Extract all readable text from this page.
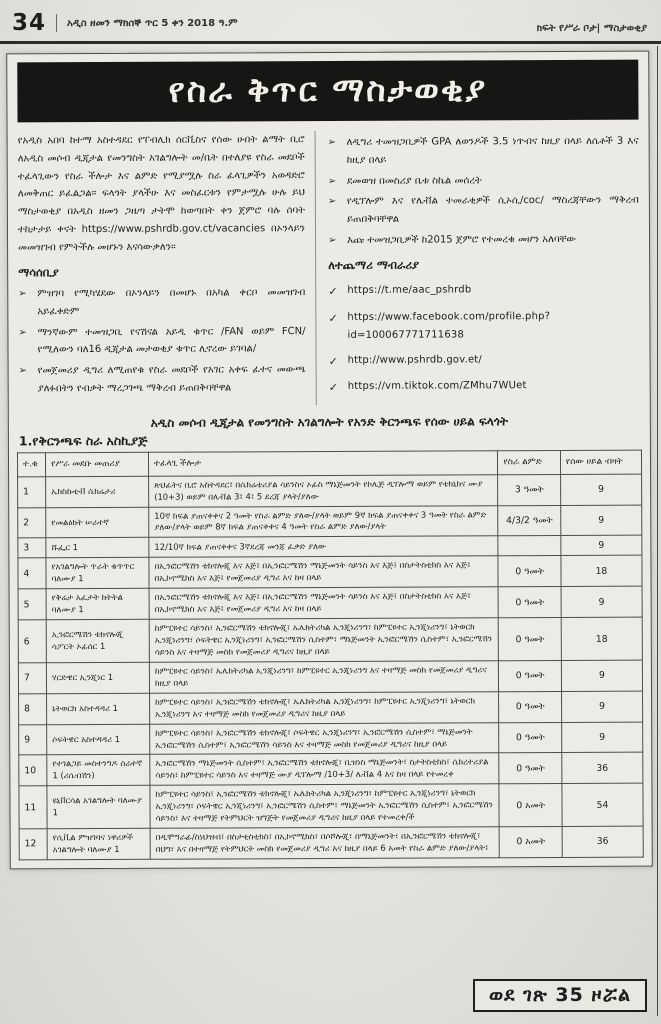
34 አዲስ ዘመን ማክሰኞ ጥር 5 ቀን 2018 ዓ.ም	ክፍት የሥራ ቦታ| ማስታወቂያ
የስራ ቅጥር ማስታወቂያ

የአዲስ አበባ ከተማ አስተዳደር የፐብሊክ ሰርቪስና የሰው ሀብት ልማት ቢሮ ለአዲስ መሶብ ዲጂታል የመንግስት አገልግሎት መ/ቤት በተለያዩ የስራ መደቦች ተፈላጊውን የስራ ችሎታ እና ልምድ የሚያሟሉ ስራ ፈላጊዎችን አወዳድሮ ለመቅጠር ይፈልጋል። ፍላጎት ያላችሁ እና መስፈርቱን የምታሟሉ ሁሉ ይህ ማስታወቂያ በአዲስ ዘመን ጋዜጣ ታትሞ ከወጣበት ቀን ጀምሮ ባሉ ሰባት ተከታታይ ቀናት https://www.pshrdb.gov.ct/vacancies በኦንላይን መመዝገብ የምትችሉ መሆኑን እናሳውቃለን።

ማሳሰቢያ
➢
ምዝገባ የሚካሄደው በኦንላይን በመሆኑ በአካል ቀርቦ መመዝገብ አይፈቀድም
➢
ማንኛውም ተመዝጋቢ የናሽናል አይዲ ቁጥር /FAN ወይም FCN/ የሚለውን ባለ16 ዲጂታል መታወቂያ ቁጥር ሊኖረው ይገባል/
➢
የመጀመሪያ ዲግሪ ለሚጠየቁ የስራ መደቦች የአገር አቀፍ ፈተና መውጫ ያለፉበትን የብቃት ማረጋገጫ ማቅረብ ይጠበቅባቸዋል
➢
ለዲግሪ ተመዝጋቢዎች GPA ለወንዶች 3.5 ነጥብና ከዚያ በላይ ለሴቶች 3 እና ከዚያ በላይ
➢
ደመወዝ በመስሪያ ቤቱ ስኬል መሰረት
➢
የዲፕሎም እና የሌቭል ተመራቂዎች ሲኦሲ/coc/ ማስረጃቸውን ማቅረብ ይጠበቅባቸዋል
➢
እጩ ተመዝጋቢዎች ከ2015 ጀምሮ የተመረቁ መሆን አለባቸው
ለተጨማሪ ማብራሪያ
✓
https://t.me/aac_pshrdb
✓
https://www.facebook.com/profile.php?id=100067771711638
✓
http://www.pshrdb.gov.et/
✓
https://vm.tiktok.com/ZMhu7WUet
አዲስ መሶብ ዲጂታል የመንግስት አገልግሎት የአንድ ቅርንጫፍ የሰው ሀይል ፍላጎት
1.የቅርንጫፍ ስራ አስኪያጅ
ተ.ቁ	የሥራ መደቡ መጠሪያ	ተፈላጊ ችሎታ	የስራ ልምድ	የሰው ሀይል ብዛት
1	ኤክስኩቲቭ ሴክሬታሪ	ጽህፈትና ቢሮ አስተዳደር፤ በሴክሬቴሪያል ሳይንስና ኦፊስ ማኔጅመንት የኮሌጅ ዲፕሎማ ወይም የቴክኒክና ሙያ (10+3) ወይም በሌቭል 3፤ 4፤ 5 ደረጃ ያላት/ያለው	3 ዓመት	9
2	የመልዕክት ሠራተኛ	10ኛ ክፍል ያጠናቀቀና 2 ዓመት የስራ ልምድ ያለው/ያላት ወይም 9ኛ ክፍል ያጠናቀቀና 3 ዓመት የስራ ልምድ ያለው/ያላት ወይም 8ኛ ክፍል ያጠናቀቀና 4 ዓመት የስራ ልምድ ያለው/ያላት	4/3/2 ዓመት	9
3	ሹፌር 1	12/10ኛ ክፍል ያጠናቀቀና 3ኛደረጃ መንጃ ፈቃድ ያለው		9
4	የአገልግሎት ጥራት ቁጥጥር ባለሙያ 1	በኢንፎርሜሽን ቴክኖሎጂ እና እጅ፤ በኢንፎርሜሽን ማኔጅመንት ሳይንስ እና እጅ፤ በስታትስቲክስ እና እጅ፤ በኢኮኖሚክስ እና እጅ፤ የመጀመሪያ ዲግሪ እና ከዛ በላይ	0 ዓመት	18
5	የቅሬታ አፈታት ክትትል ባለሙያ 1	በኢንፎርሜሽን ቴክኖሎጂ እና እጅ፤ በኢንፎርሜሽን ማኔጅመንት ሳይንስ እና እጅ፤ በስታትስቲክስ እና እጅ፤ በኢኮኖሚክስ እና እጅ፤ የመጀመሪያ ዲግሪ እና ከዛ በላይ	0 ዓመት	9
6	ኢንፎርሜሽን ቴክኖሎጂ ሳፖርት ኦፊሰር 1	ከምፒዩተር ሳይንስ፣ ኢንፎርሜሽን ቴክኖሎጂ፣ ኤሌክትሪካል ኢንጂነሪንግ፣ ከምፒዩተር ኢንጂነሪንግ፣ ኔትወርክ ኢንጂነሪንግ፣ ሶፍትዌር ኢንጂነሪንግ፣ ኢንፎርሜሽን ሲስተም፣ ማኔጅመንት ኢንፎርሜሽን ሲስተም፣ ኢንፎርሜሽን ሳይንስ እና ተዛማጅ መስክ የመጀመሪያ ዲግሪና ከዚያ በላይ	0 ዓመት	18
7	ሃርድዌር ኢንጂነር 1	ከምፒዩተር ሳይንስ፣ ኤሌክትሪካል ኢንጂነሪንግ፣ ከምፒዩተር ኢንጂነሪንግ እና ተዛማጅ መስክ የመጀመሪያ ዲግሪና ከዚያ በላይ	0 ዓመት	9
8	ኔትወርክ አስተዳዳሪ 1	ከምፒዩተር ሳይንስ፣ ኢንፎርሜሽን ቴክኖሎጂ፣ ኤሌክትሪካል ኢንጂነሪንግ፣ ከምፒዩተር ኢንጂነሪንግ፣ ኔትወርክ ኢንጂነሪንግ እና ተዛማጅ መስክ የመጀመሪያ ዲግሪና ከዚያ በላይ	0 ዓመት	9
9	ሶፍትዌር አስተዳዳሪ 1	ከምፒዩተር ሳይንስ፣ ኢንፎርሜሽን ቴክኖሎጂ፣ ሶፍትዌር ኢንጂነሪንግ፣ ኢንፎርሜሽን ሲስተም፣ ማኔጅመንት ኢንፎርሜሽን ሲስተም፣ ኢንፎርሜሽን ሳይንስ እና ተዛማጅ መስክ የመጀመሪያ ዲግሪና ከዚያ በላይ	0 ዓመት	9
10	የተገልጋይ መስተንግዶ ሰራተኛ 1 (ሪሴብሽን)	ኢንፎርሜሽን ማኔጅመንት ሲስተም፣ ኢንፎርሜሽን ቴክኖሎጂ፣ ቢዝነስ ማኔጅመንት፣ ስታትስቲክስ፣ ሴክረተሪያል ሳይንስ፣ ከምፒዩተር ሳይንስ እና ተዛማጅ ሙያ ዲፕሎማ /10+3/ ሌቭል 4 እና ከዛ በላይ የተመረቀ	0 ዓመት	36
11	ዩኒቨርሳል አገልግሎት ባለሙያ 1	ከምፒዩተር ሳይንስ፣ ኢንፎርሜሽን ቴክኖሎጂ፣ ኤሌክትሪካል ኢንጂነሪንግ፣ ከምፒዩተር ኢንጂነሪንግ፣ ኔትወርክ ኢንጂነሪንግ፣ ሶፍትዌር ኢንጂነሪንግ፣ ኢንፎርሜሽን ሲስተም፣ ማኔጅመንት ኢንፎርሜሽን ሲስተም፣ ኢንፎርሜሽን ሳይንስ፣ እና ተዛማጅ የትምህርት ዝግጅት የመጀመሪያ ዲግሪና ከዚያ በላይ የተመረቀ/ች	0 አመት	54
12	የሲቪል ምዝገባና ነዋሪዎች አገልግሎት ባለሙያ 1	በዲሞግራፊ/ስነህዝብ፣ በስታቲስቲክስ፣ በኢኮኖሚክስ፣ በሶሾሎጂ፣ በማኔጅመንት፣ በኢንፎርሜሽን ቴክኖሎጂ፣ በህግ፣ እና በተዛማጅ የትምህርት መስክ የመጀመሪያ ዲግሪ እና ከዚያ በላይ 6 አመት የስራ ልምድ ያለው/ያላት፤	0 አመት	36
ወደ ገጽ 35 ዞሯል
